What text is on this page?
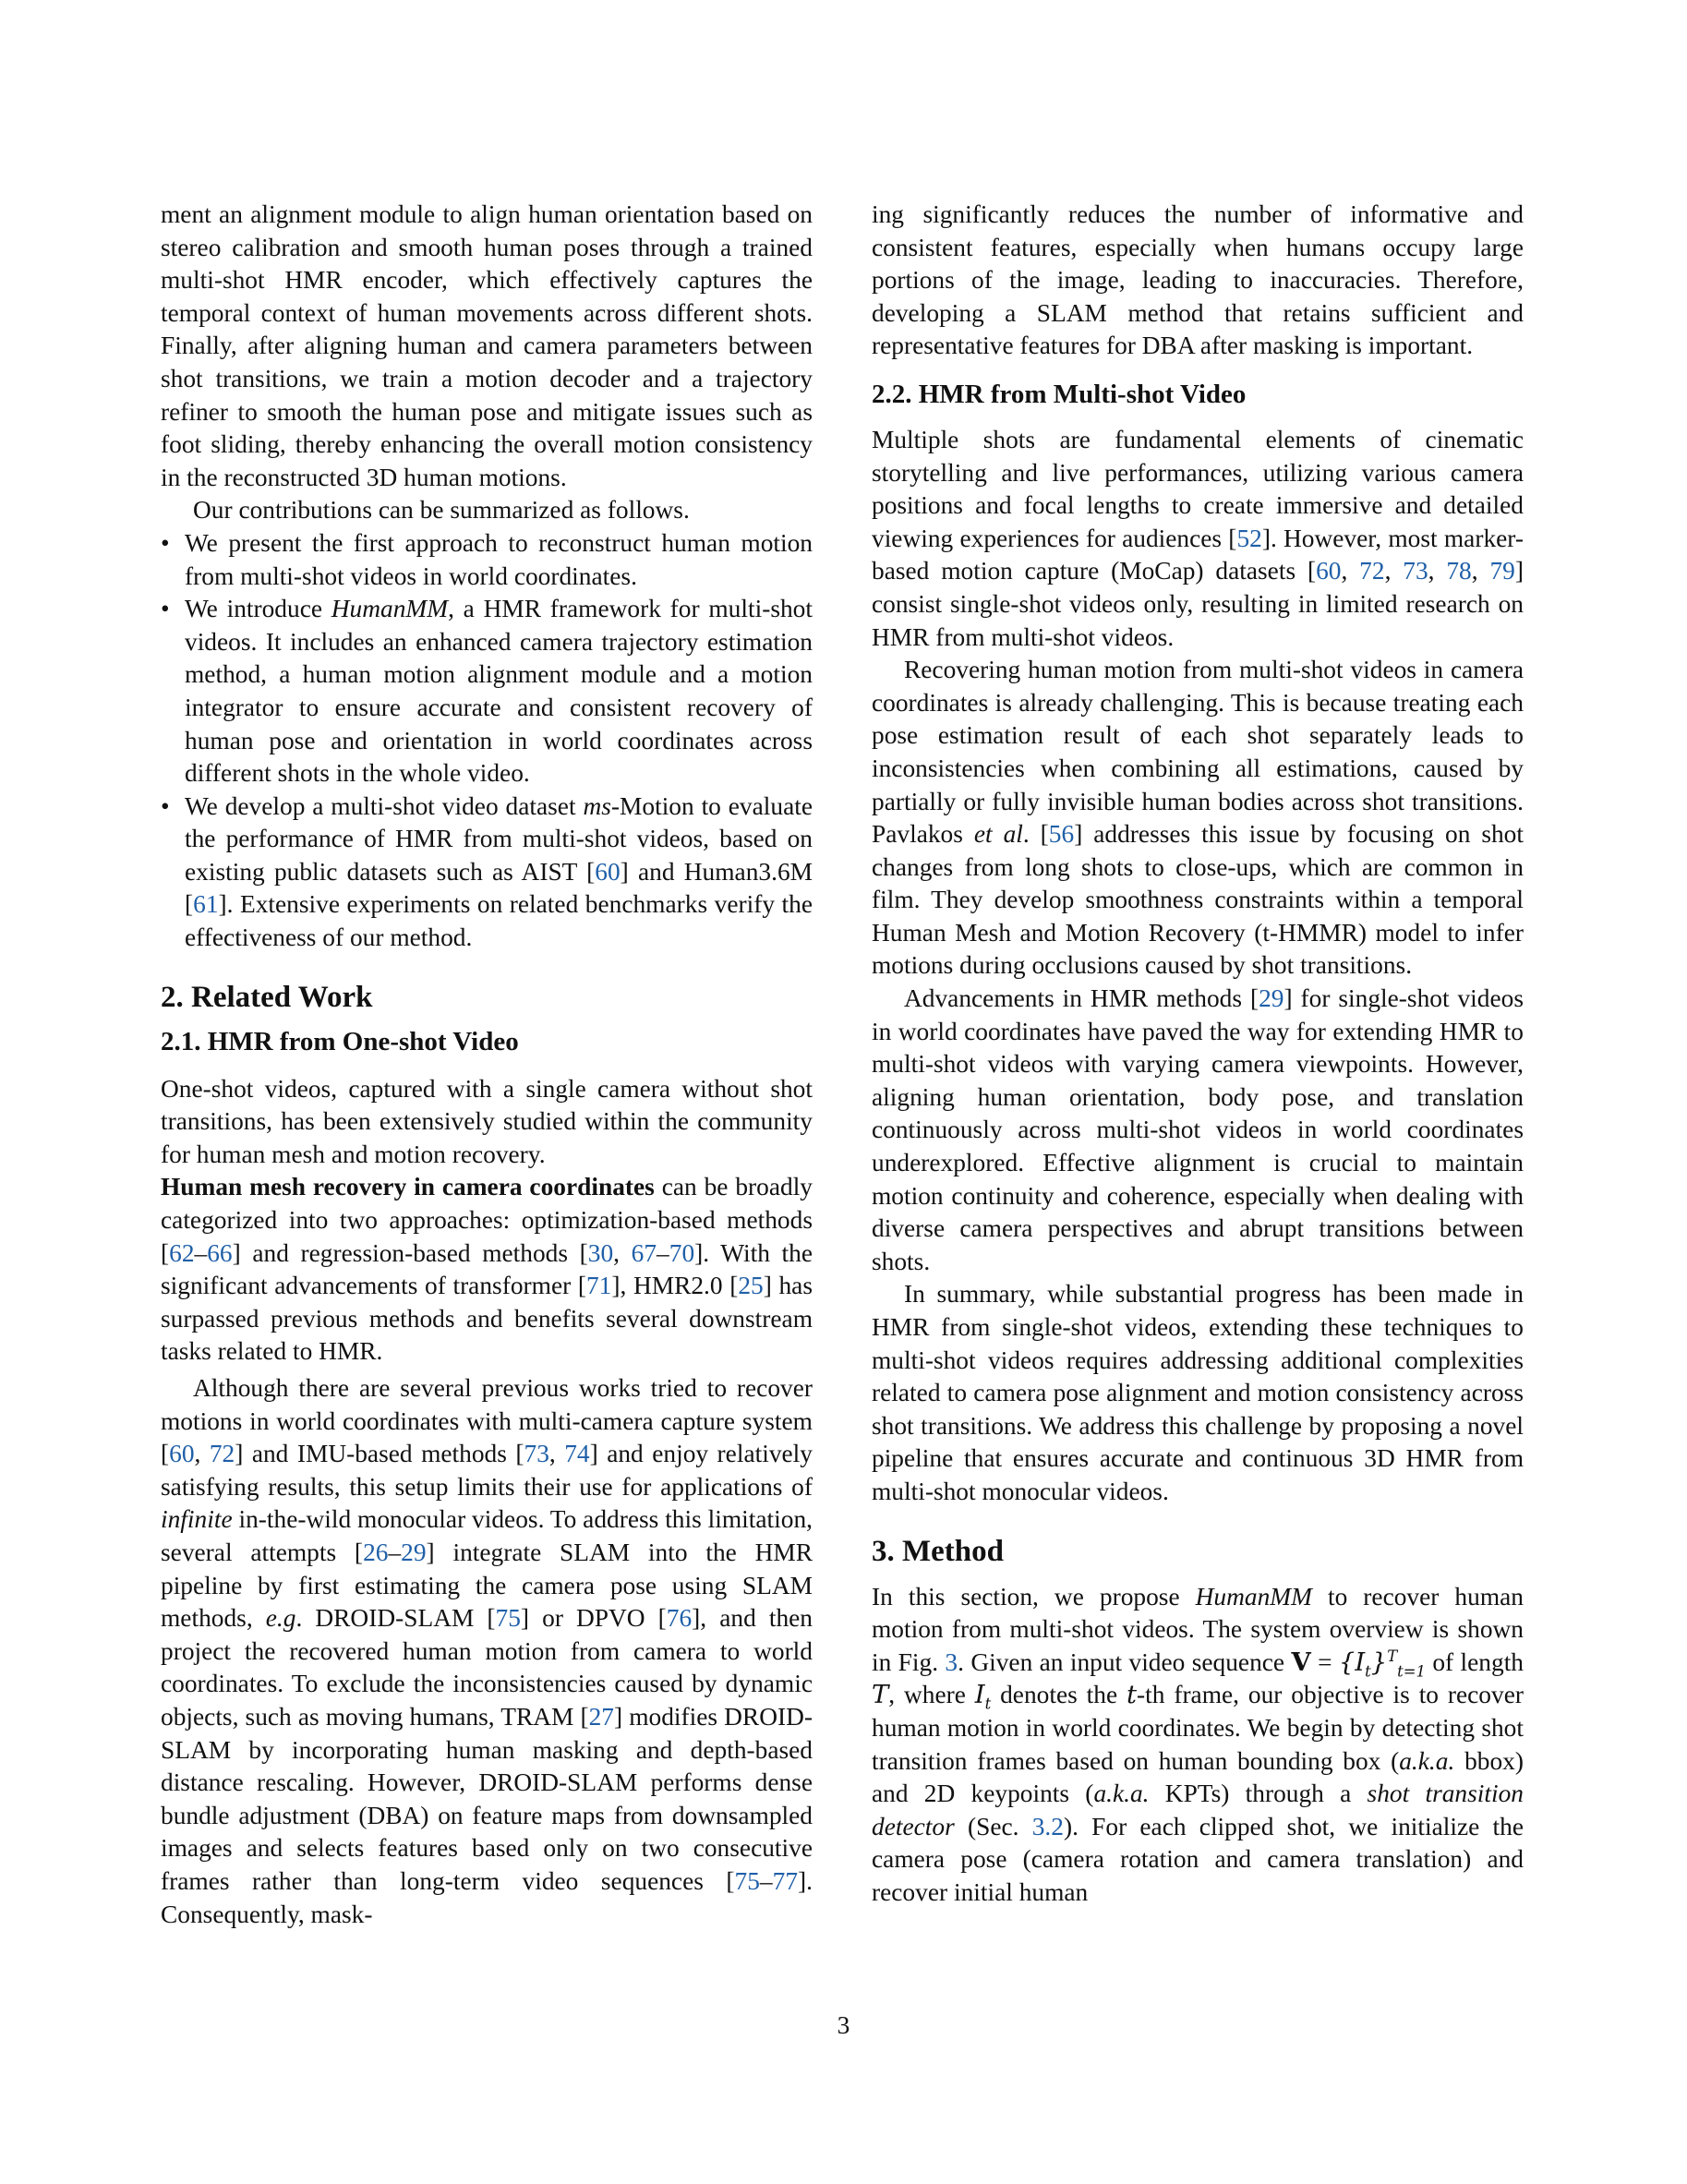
ment an alignment module to align human orientation based on stereo calibration and smooth human poses through a trained multi-shot HMR encoder, which effectively captures the temporal context of human movements across different shots. Finally, after aligning human and camera parameters between shot transitions, we train a motion decoder and a trajectory refiner to smooth the human pose and mitigate issues such as foot sliding, thereby enhancing the overall motion consistency in the reconstructed 3D human motions.

Our contributions can be summarized as follows.

• We present the first approach to reconstruct human motion from multi-shot videos in world coordinates.
• We introduce HumanMM, a HMR framework for multi-shot videos. It includes an enhanced camera trajectory estimation method, a human motion alignment module and a motion integrator to ensure accurate and consistent recovery of human pose and orientation in world coordinates across different shots in the whole video.
• We develop a multi-shot video dataset ms-Motion to evaluate the performance of HMR from multi-shot videos, based on existing public datasets such as AIST [60] and Human3.6M [61]. Extensive experiments on related benchmarks verify the effectiveness of our method.
2. Related Work
2.1. HMR from One-shot Video

One-shot videos, captured with a single camera without shot transitions, has been extensively studied within the community for human mesh and motion recovery.

Human mesh recovery in camera coordinates can be broadly categorized into two approaches: optimization-based methods [62–66] and regression-based methods [30, 67–70]. With the significant advancements of transformer [71], HMR2.0 [25] has surpassed previous methods and benefits several downstream tasks related to HMR.

Although there are several previous works tried to recover motions in world coordinates with multi-camera capture system [60, 72] and IMU-based methods [73, 74] and enjoy relatively satisfying results, this setup limits their use for applications of infinite in-the-wild monocular videos. To address this limitation, several attempts [26–29] integrate SLAM into the HMR pipeline by first estimating the camera pose using SLAM methods, e.g. DROID-SLAM [75] or DPVO [76], and then project the recovered human motion from camera to world coordinates. To exclude the inconsistencies caused by dynamic objects, such as moving humans, TRAM [27] modifies DROID-SLAM by incorporating human masking and depth-based distance rescaling. However, DROID-SLAM performs dense bundle adjustment (DBA) on feature maps from downsampled images and selects features based only on two consecutive frames rather than long-term video sequences [75–77]. Consequently, mask-

ing significantly reduces the number of informative and consistent features, especially when humans occupy large portions of the image, leading to inaccuracies. Therefore, developing a SLAM method that retains sufficient and representative features for DBA after masking is important.

2.2. HMR from Multi-shot Video

Multiple shots are fundamental elements of cinematic storytelling and live performances, utilizing various camera positions and focal lengths to create immersive and detailed viewing experiences for audiences [52]. However, most marker-based motion capture (MoCap) datasets [60, 72, 73, 78, 79] consist single-shot videos only, resulting in limited research on HMR from multi-shot videos.

Recovering human motion from multi-shot videos in camera coordinates is already challenging. This is because treating each pose estimation result of each shot separately leads to inconsistencies when combining all estimations, caused by partially or fully invisible human bodies across shot transitions. Pavlakos et al. [56] addresses this issue by focusing on shot changes from long shots to close-ups, which are common in film. They develop smoothness constraints within a temporal Human Mesh and Motion Recovery (t-HMMR) model to infer motions during occlusions caused by shot transitions.

Advancements in HMR methods [29] for single-shot videos in world coordinates have paved the way for extending HMR to multi-shot videos with varying camera viewpoints. However, aligning human orientation, body pose, and translation continuously across multi-shot videos in world coordinates underexplored. Effective alignment is crucial to maintain motion continuity and coherence, especially when dealing with diverse camera perspectives and abrupt transitions between shots.

In summary, while substantial progress has been made in HMR from single-shot videos, extending these techniques to multi-shot videos requires addressing additional complexities related to camera pose alignment and motion consistency across shot transitions. We address this challenge by proposing a novel pipeline that ensures accurate and continuous 3D HMR from multi-shot monocular videos.

3. Method

In this section, we propose HumanMM to recover human motion from multi-shot videos. The system overview is shown in Fig. 3. Given an input video sequence $V = \{I_t\}^T_{t=1}$ of length T, where $I_t$ denotes the t-th frame, our objective is to recover human motion in world coordinates. We begin by detecting shot transition frames based on human bounding box (a.k.a. bbox) and 2D keypoints (a.k.a. KPTs) through a shot transition detector (Sec. 3.2). For each clipped shot, we initialize the camera pose (camera rotation and camera translation) and recover initial human

3
